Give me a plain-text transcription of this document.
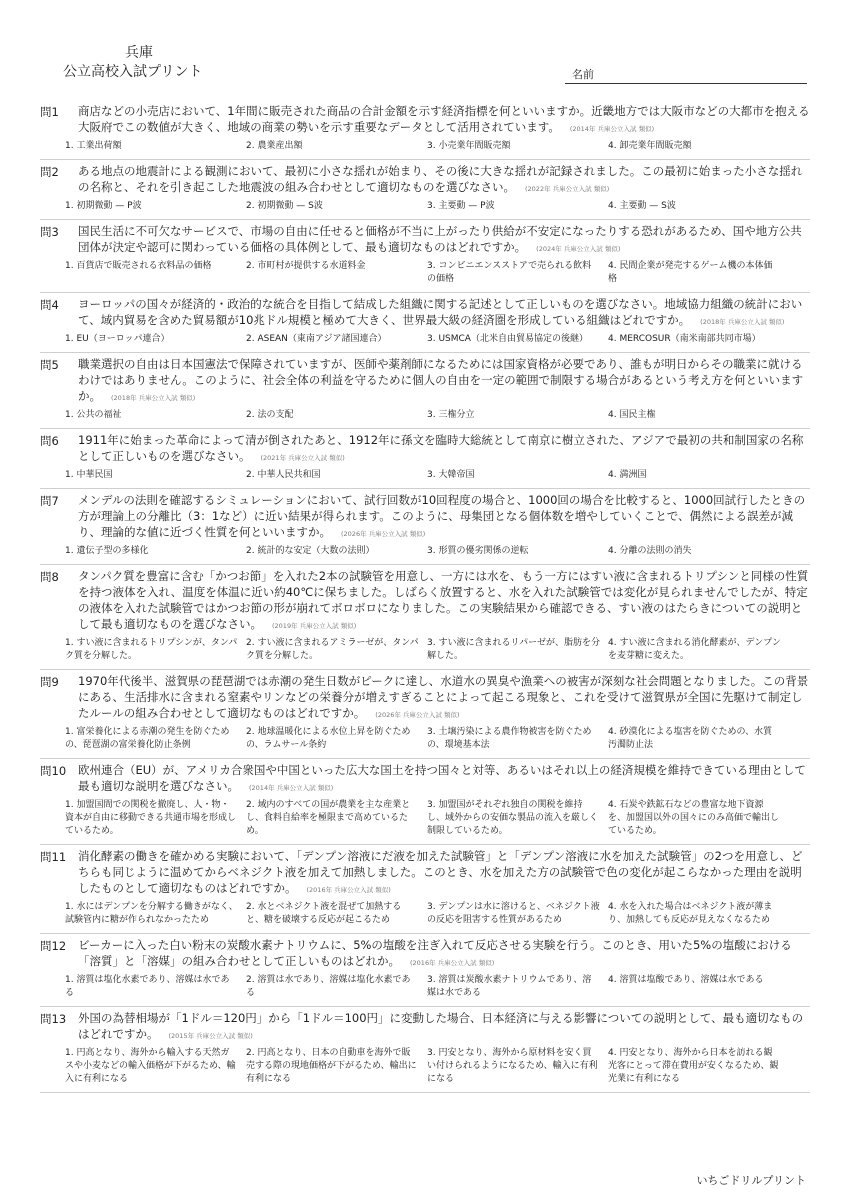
兵庫
公立高校入試プリント	名前
問1	商店などの小売店において、1年間に販売された商品の合計金額を示す経済指標を何といいますか。近畿地方では大阪市などの大都市を抱える大阪府でこの数値が大きく、地域の商業の勢いを示す重要なデータとして活用されています。 (2014年 兵庫公立入試 類似)
1. 工業出荷額	2. 農業産出額	3. 小売業年間販売額	4. 卸売業年間販売額
問2	ある地点の地震計による観測において、最初に小さな揺れが始まり、その後に大きな揺れが記録されました。この最初に始まった小さな揺れの名称と、それを引き起こした地震波の組み合わせとして適切なものを選びなさい。 (2022年 兵庫公立入試 類似)
1. 初期微動 — P波	2. 初期微動 — S波	3. 主要動 — P波	4. 主要動 — S波
問3	国民生活に不可欠なサービスで、市場の自由に任せると価格が不当に上がったり供給が不安定になったりする恐れがあるため、国や地方公共団体が決定や認可に関わっている価格の具体例として、最も適切なものはどれですか。 (2024年 兵庫公立入試 類似)
1. 百貨店で販売される衣料品の価格	2. 市町村が提供する水道料金	3. コンビニエンスストアで売られる飲料の価格
4. 民間企業が発売するゲーム機の本体価格
問4	ヨーロッパの国々が経済的・政治的な統合を目指して結成した組織に関する記述として正しいものを選びなさい。地域協力組織の統計において、域内貿易を含めた貿易額が10兆ドル規模と極めて大きく、世界最大級の経済圏を形成している組織はどれですか。 (2018年 兵庫公立入試 類似)
1. EU（ヨーロッパ連合）	2. ASEAN（東南アジア諸国連合）	3. USMCA（北米自由貿易協定の後継）	4. MERCOSUR（南米南部共同市場）
問5	職業選択の自由は日本国憲法で保障されていますが、医師や薬剤師になるためには国家資格が必要であり、誰もが明日からその職業に就けるわけではありません。このように、社会全体の利益を守るために個人の自由を一定の範囲で制限する場合があるという考え方を何といいますか。 (2018年 兵庫公立入試 類似)
1. 公共の福祉	2. 法の支配	3. 三権分立	4. 国民主権
問6	1911年に始まった革命によって清が倒されたあと、1912年に孫文を臨時大総統として南京に樹立された、アジアで最初の共和制国家の名称として正しいものを選びなさい。 (2021年 兵庫公立入試 類似)
1. 中華民国	2. 中華人民共和国	3. 大韓帝国	4. 満洲国
問7	メンデルの法則を確認するシミュレーションにおいて、試行回数が10回程度の場合と、1000回の場合を比較すると、1000回試行したときの方が理論上の分離比（3：1など）に近い結果が得られます。このように、母集団となる個体数を増やしていくことで、偶然による誤差が減り、理論的な値に近づく性質を何といいますか。 (2026年 兵庫公立入試 類似)
1. 遺伝子型の多様化	2. 統計的な安定（大数の法則）	3. 形質の優劣関係の逆転	4. 分離の法則の消失
問8	タンパク質を豊富に含む「かつお節」を入れた2本の試験管を用意し、一方には水を、もう一方にはすい液に含まれるトリプシンと同様の性質を持つ液体を入れ、温度を体温に近い約40℃に保ちました。しばらく放置すると、水を入れた試験管では変化が見られませんでしたが、特定の液体を入れた試験管ではかつお節の形が崩れてボロボロになりました。この実験結果から確認できる、すい液のはたらきについての説明として最も適切なものを選びなさい。 (2019年 兵庫公立入試 類似)
1. すい液に含まれるトリプシンが、タンパク質を分解した。
2. すい液に含まれるアミラーゼが、タンパク質を分解した。
3. すい液に含まれるリパーゼが、脂肪を分解した。
4. すい液に含まれる消化酵素が、デンプンを麦芽糖に変えた。
問9	1970年代後半、滋賀県の琵琶湖では赤潮の発生日数がピークに達し、水道水の異臭や漁業への被害が深刻な社会問題となりました。この背景にある、生活排水に含まれる窒素やリンなどの栄養分が増えすぎることによって起こる現象と、これを受けて滋賀県が全国に先駆けて制定したルールの組み合わせとして適切なものはどれですか。 (2026年 兵庫公立入試 類似)
1. 富栄養化による赤潮の発生を防ぐための、琵琶湖の富栄養化防止条例
2. 地球温暖化による水位上昇を防ぐための、ラムサール条約
3. 土壌汚染による農作物被害を防ぐための、環境基本法
4. 砂漠化による塩害を防ぐための、水質汚濁防止法
問10	欧州連合（EU）が、アメリカ合衆国や中国といった広大な国土を持つ国々と対等、あるいはそれ以上の経済規模を維持できている理由として最も適切な説明を選びなさい。 (2014年 兵庫公立入試 類似)
1. 加盟国間での関税を撤廃し、人・物・資本が自由に移動できる共通市場を形成しているため。
2. 域内のすべての国が農業を主な産業とし、食料自給率を極限まで高めているため。
3. 加盟国がそれぞれ独自の関税を維持し、域外からの安価な製品の流入を厳しく制限しているため。
4. 石炭や鉄鉱石などの豊富な地下資源を、加盟国以外の国々にのみ高価で輸出しているため。
問11	消化酵素の働きを確かめる実験において、「デンプン溶液にだ液を加えた試験管」と「デンプン溶液に水を加えた試験管」の2つを用意し、どちらも同じように温めてからベネジクト液を加えて加熱しました。このとき、水を加えた方の試験管で色の変化が起こらなかった理由を説明したものとして適切なものはどれですか。 (2016年 兵庫公立入試 類似)
1. 水にはデンプンを分解する働きがなく、試験管内に糖が作られなかったため
2. 水とベネジクト液を混ぜて加熱すると、糖を破壊する反応が起こるため
3. デンプンは水に溶けると、ベネジクト液の反応を阻害する性質があるため
4. 水を入れた場合はベネジクト液が薄まり、加熱しても反応が見えなくなるため
問12	ビーカーに入った白い粉末の炭酸水素ナトリウムに、5%の塩酸を注ぎ入れて反応させる実験を行う。このとき、用いた5%の塩酸における「溶質」と「溶媒」の組み合わせとして正しいものはどれか。 (2016年 兵庫公立入試 類似)
1. 溶質は塩化水素であり、溶媒は水である
2. 溶質は水であり、溶媒は塩化水素である
3. 溶質は炭酸水素ナトリウムであり、溶媒は水である
4. 溶質は塩酸であり、溶媒は水である
問13	外国の為替相場が「1ドル＝120円」から「1ドル＝100円」に変動した場合、日本経済に与える影響についての説明として、最も適切なものはどれですか。 (2015年 兵庫公立入試 類似)
1. 円高となり、海外から輸入する天然ガスや小麦などの輸入価格が下がるため、輸入に有利になる
2. 円高となり、日本の自動車を海外で販売する際の現地価格が下がるため、輸出に有利になる
3. 円安となり、海外から原材料を安く買い付けられるようになるため、輸入に有利になる
4. 円安となり、海外から日本を訪れる観光客にとって滞在費用が安くなるため、観光業に有利になる
いちごドリルプリント
